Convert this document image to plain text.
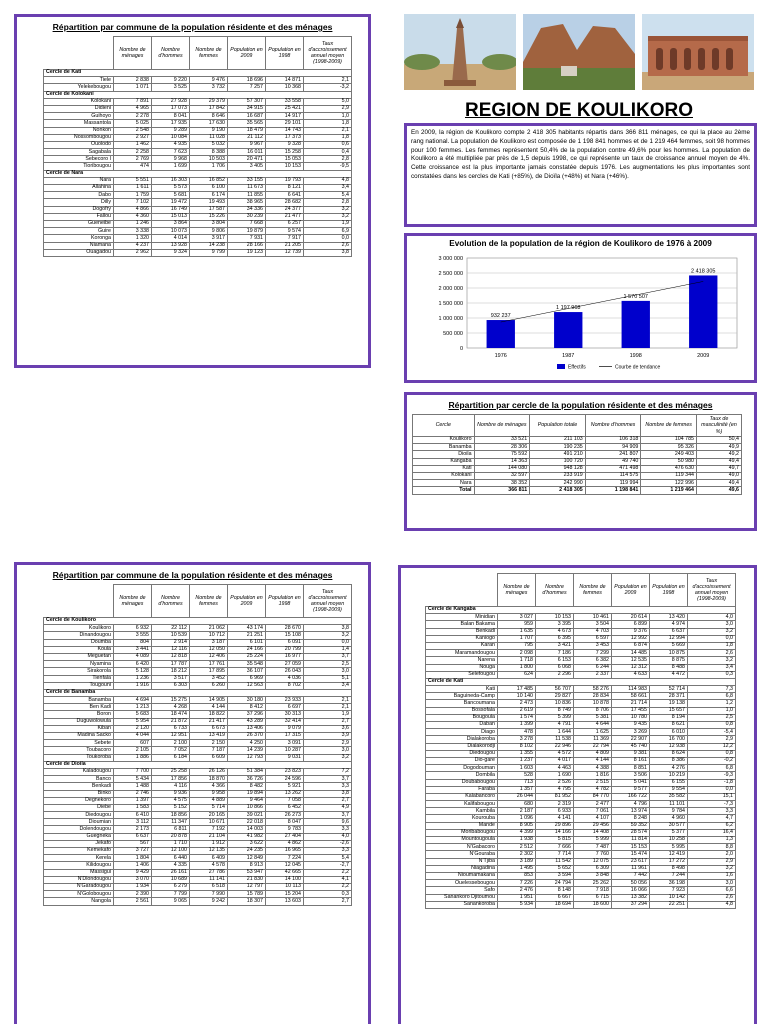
Répartition par commune de la population résidente et des ménages
	Nombre de ménages	Nombre d'hommes	Nombre de femmes	Population en 2009	Population en 1998	Taux d'accroissement annuel moyen (1998-2009)
Cercle de Kati						
Tiele	2 838	9 220	9 476	18 696	14 871	2,1
Yelekebougou	1 071	3 525	3 732	7 257	10 368	-3,2
Cercle de Kolokani						
Kolokani	7 891	27 928	29 379	57 307	33 558	5,0
Didieni	4 965	17 073	17 842	34 915	25 421	2,9
Guihoyo	2 278	8 041	8 646	16 687	14 917	1,0
Massantola	5 025	17 935	17 630	35 565	29 101	1,8
Nonkon	2 548	9 289	9 190	18 479	14 743	2,1
Nossombougou	2 927	10 084	11 028	21 112	17 373	1,8
Ouolodo	1 462	4 935	5 032	9 967	9 328	0,6
Sagabala	2 258	7 623	8 388	16 011	15 258	0,4
Sebecoro I	2 769	9 968	10 503	20 471	15 053	2,8
Tioribougou	474	1 699	1 706	3 405	10 153	-9,5
Cercle de Nara						
Nara	5 551	16 303	16 852	33 155	19 793	4,8
Allahina	1 611	5 573	6 100	11 673	8 121	3,4
Dabo	1 759	5 681	6 174	11 855	6 641	5,4
Dilly	7 102	19 472	19 493	38 965	28 682	2,8
Dogofry	4 866	16 749	17 587	34 336	24 377	3,2
Fallou	4 360	15 013	15 226	30 239	21 477	3,2
Gueneibe	1 246	3 864	3 804	7 668	6 257	1,9
Guire	3 338	10 073	9 806	19 879	9 574	6,9
Koronga	1 320	4 014	3 917	7 931	7 917	0,0
Niamana	4 237	13 928	14 238	28 166	21 205	2,6
Ouagadou	2 962	9 324	9 799	19 123	12 739	3,8
REGION DE KOULIKORO
En 2009, la région de Koulikoro compte 2 418 305 habitants répartis dans 366 811 ménages, ce qui la place au 2ème rang national. La population de Koulikoro est composée de 1 198 841 hommes et de 1 219 464 femmes, soit 98 hommes pour 100 femmes. Les femmes représentent 50,4% de la population contre 49,6% pour les hommes. La population de Koulikoro a été multipliée par près de 1,5 depuis 1998, ce qui représente un taux de croissance annuel moyen de 4%. Cette croissance est la plus importante jamais constatée depuis 1976. Les augmentations les plus importantes sont constatées dans les cercles de Kati (+85%), de Dioïla (+48%) et Nara (+46%).
Evolution de la population de la région de Koulikoro de 1976 à 2009
0
500 000
1 000 000
1 500 000
2 000 000
2 500 000
3 000 000
932 237
1976
1 197 968
1987
1 570 507
1998
2 418 305
2009
Effectifs	Courbe de tendance
Répartition par cercle de la population résidente et des ménages
Cercle	Nombre de ménages	Population totale	Nombre d'hommes	Nombre de femmes	Taux de masculinité (en %)
Koulikoro	33 521	211 103	106 318	104 785	50,4
Banamba	28 306	190 235	94 909	95 326	49,9
Dioila	75 592	491 210	241 807	249 403	49,2
Kangaba	14 363	100 720	49 740	50 980	49,4
Kati	144 080	948 128	471 498	476 630	49,7
Kolokani	32 597	233 919	114 575	119 344	49,0
Nara	38 352	242 990	119 994	122 996	49,4
Total	366 811	2 418 305	1 198 841	1 219 464	49,6
Répartition par commune de la population résidente et des ménages
	Nombre de ménages	Nombre d'hommes	Nombre de femmes	Population en 2009	Population en 1998	Taux d'accroissement annuel moyen (1998-2009)
Cercle de Koulikoro						
Koulikoro	6 932	22 112	21 062	43 174	28 670	3,8
Dinandougou	3 555	10 539	10 712	21 251	15 108	3,2
Doumba	804	2 914	3 187	6 101	6 091	0,0
Koula	3 441	12 116	12 050	24 166	20 799	1,4
Meguetan	4 089	12 818	12 406	25 224	16 977	3,7
Nyamina	6 420	17 787	17 761	35 548	27 059	2,5
Sirakorola	5 128	18 212	17 895	36 107	26 043	3,0
Tienfala	1 236	3 517	3 452	6 969	4 036	5,1
Tougouni	1 916	6 303	6 260	12 563	8 702	3,4
Cercle de Banamba						
Banamba	4 694	15 275	14 905	30 180	23 933	2,1
Ben Kadi	1 213	4 268	4 144	8 412	6 697	2,1
Boron	5 683	18 474	18 822	37 296	30 313	1,9
Duguwolowula	5 954	21 872	21 417	43 289	32 414	2,7
Kiban	2 120	6 733	6 673	13 406	9 079	3,6
Madina Sacko	4 044	12 951	13 419	26 370	17 315	3,9
Sebete	607	2 100	2 150	4 250	3 091	2,9
Toubacoro	2 105	7 052	7 187	14 239	10 287	3,0
Toukoroba	1 886	6 184	6 609	12 793	9 031	3,2
Cercle de Dioila						
Kaladougou	7 700	25 258	26 126	51 384	23 823	7,2
Banco	5 434	17 856	18 870	36 726	24 596	3,7
Benkadi	1 488	4 116	4 366	8 482	5 921	3,3
Binko	2 746	9 936	9 958	19 894	13 262	3,8
Degnekoro	1 397	4 575	4 889	9 464	7 058	2,7
Diebe	1 583	5 152	5 714	10 866	6 452	4,9
Diedougou	6 410	18 856	20 165	39 021	26 273	3,7
Dioumian	3 112	11 347	10 671	22 018	8 047	9,6
Dolendougou	2 173	6 811	7 192	14 003	9 783	3,3
Guegneka	6 637	20 878	21 104	41 982	27 404	4,0
Jekafo	567	1 710	1 912	3 622	4 862	-2,6
Kemekafo	3 727	12 100	12 135	24 235	16 965	3,3
Kerela	1 804	6 440	6 409	12 849	7 224	5,4
Kilidougou	1 406	4 335	4 578	8 913	12 045	-2,7
Massigui	9 429	26 161	27 786	53 947	42 665	2,2
N'Dlondougou	3 070	10 689	11 141	21 830	14 100	4,1
N'Garadougou	1 934	6 279	6 518	12 797	10 113	2,2
N'Golobougou	2 390	7 799	7 990	15 789	15 204	0,3
Nangola	2 561	9 065	9 242	18 307	13 603	2,7
	Nombre de ménages	Nombre d'hommes	Nombre de femmes	Population en 2009	Population en 1998	Taux d'accroissement annuel moyen (1998-2009)
Cercle de Kangaba						
Minidian	3 027	10 153	10 461	20 614	13 420	4,0
Balan Bakama	959	3 395	3 504	6 899	4 974	3,0
Benkadi	1 635	4 673	4 703	9 376	6 637	3,2
Kaniogo	1 707	6 395	6 597	12 992	12 994	0,0
Karan	795	3 421	3 453	6 874	5 669	1,8
Maramandougou	2 098	7 186	7 299	14 485	10 875	2,6
Narena	1 718	6 153	6 382	12 535	8 875	3,2
Nouga	1 800	6 068	6 244	12 312	8 488	3,4
Selefougou	624	2 296	2 337	4 633	4 472	0,3
Cercle de Kati						
Kati	17 485	56 707	58 276	114 983	52 714	7,3
Baguineda-Camp	10 140	29 827	28 834	58 661	28 371	6,8
Bancoumana	2 473	10 836	10 878	21 714	19 138	1,2
Bossofala	2 619	8 749	8 706	17 455	15 657	1,0
Bougoula	1 574	5 399	5 381	10 780	8 194	2,5
Daban	1 399	4 791	4 644	9 435	8 621	0,8
Diago	478	1 644	1 625	3 269	6 010	-5,4
Dialakoroba	3 278	11 538	11 369	22 907	16 700	2,9
Dialakorodji	8 102	22 946	22 794	45 740	12 938	12,2
Diedougou	1 355	4 572	4 809	9 381	8 624	0,8
Dio-gare	1 237	4 017	4 144	8 161	8 386	-0,2
Dogodouman	1 603	4 463	4 388	8 851	4 276	6,8
Dombila	528	1 690	1 816	3 506	10 219	-9,3
Doubabougou	713	2 526	2 515	5 041	6 155	-1,8
Faraba	1 357	4 795	4 782	9 577	9 554	0,0
Kalabancoro	26 044	81 952	84 770	166 722	35 582	15,1
Kalifabougou	680	2 319	2 477	4 796	11 101	-7,3
Kambila	2 187	6 933	7 061	13 974	9 784	3,3
Kourouba	1 096	4 141	4 107	8 248	4 960	4,7
Mande	8 905	29 896	29 456	59 352	30 577	6,2
Moribabougou	4 399	14 166	14 408	28 574	5 377	16,4
Mountougoula	1 938	5 815	5 999	11 814	10 258	1,3
N'Gabacoro	2 512	7 666	7 487	15 153	5 995	8,8
N'Gouraba	2 302	7 714	7 760	15 474	12 419	2,0
N'Tjiba	3 189	11 542	12 075	23 617	17 272	2,9
Niagadina	1 495	5 652	6 309	11 961	8 498	3,2
Nioumamakana	853	3 594	3 848	7 442	7 244	1,6
Ouelessebougou	7 226	24 794	25 262	50 056	36 198	3,0
Safo	2 476	8 148	7 918	16 066	7 923	6,6
Sanankoro Djitoumou	1 951	6 667	6 715	13 382	10 142	2,6
Sanankoroba	5 934	18 694	18 600	37 294	22 251	4,8
